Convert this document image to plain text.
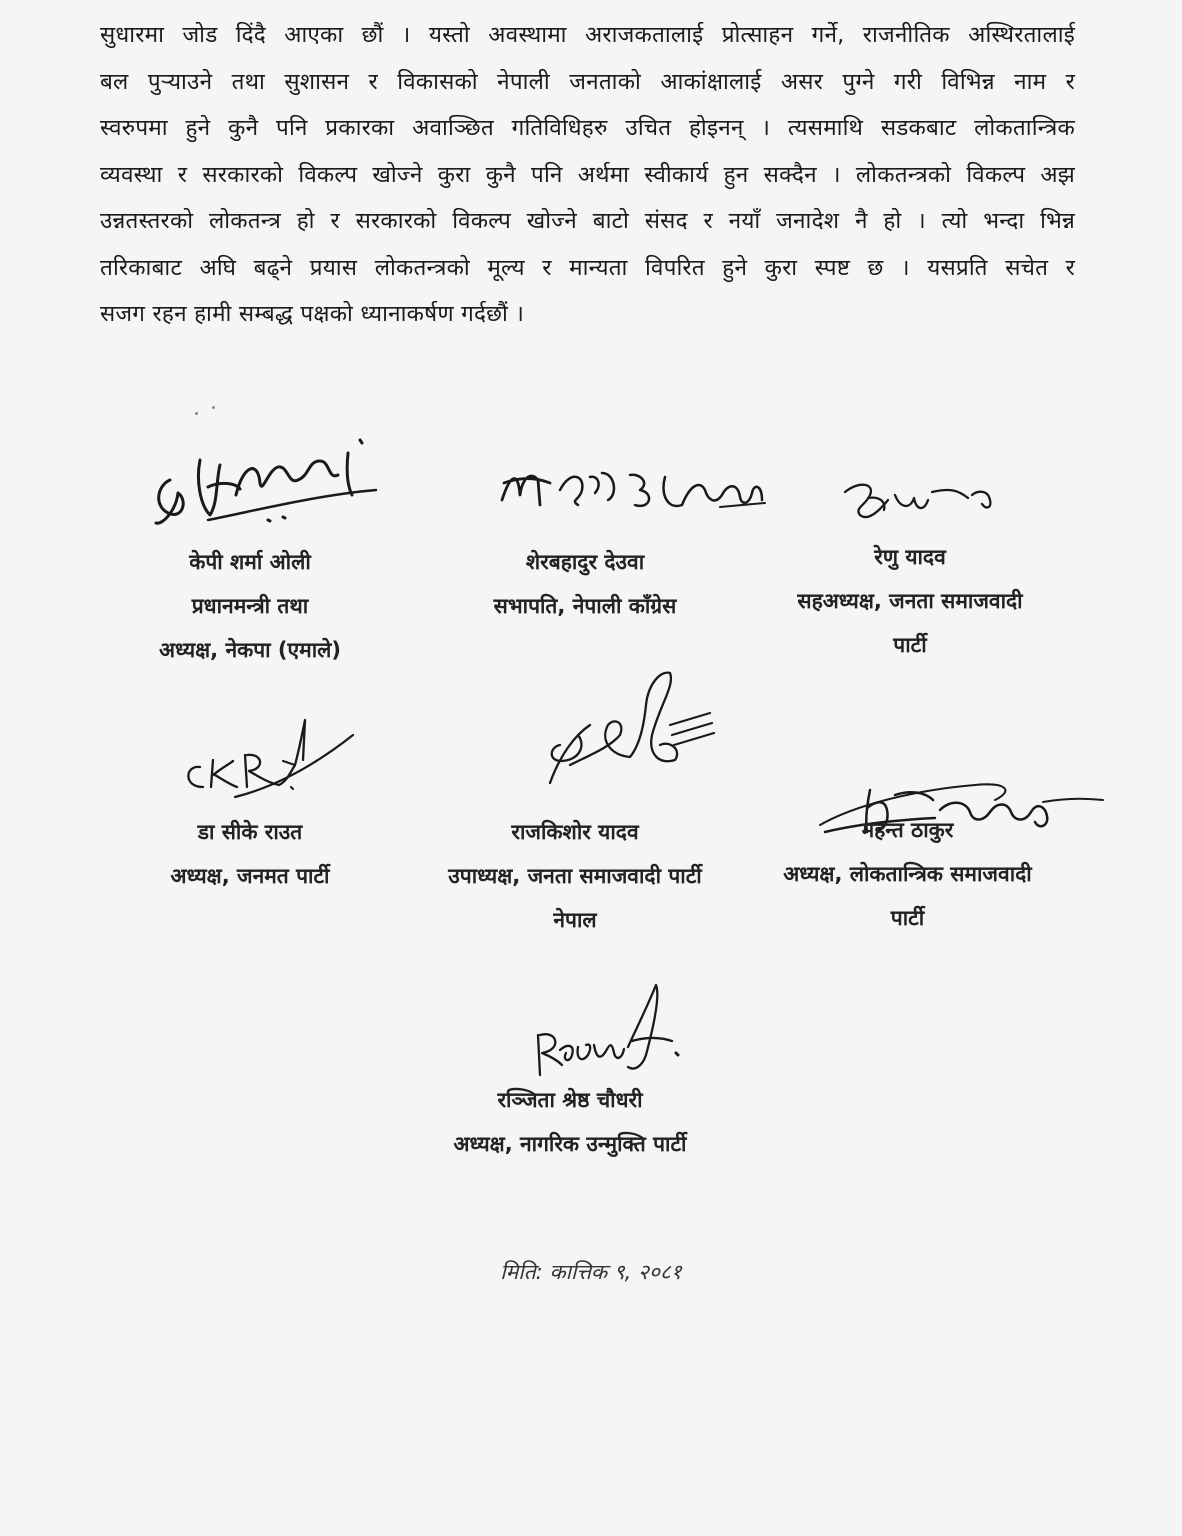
सुधारमा जोड दिंदै आएका छौं । यस्तो अवस्थामा अराजकतालाई प्रोत्साहन गर्ने, राजनीतिक अस्थिरतालाई
बल पुऱ्याउने तथा सुशासन र विकासको नेपाली जनताको आकांक्षालाई असर पुग्ने गरी विभिन्न नाम र
स्वरुपमा हुने कुनै पनि प्रकारका अवाञ्छित गतिविधिहरु उचित होइनन् । त्यसमाथि सडकबाट लोकतान्त्रिक
व्यवस्था र सरकारको विकल्प खोज्ने कुरा कुनै पनि अर्थमा स्वीकार्य हुन सक्दैन । लोकतन्त्रको विकल्प अझ
उन्नतस्तरको लोकतन्त्र हो र सरकारको विकल्प खोज्ने बाटो संसद र नयाँ जनादेश नै हो । त्यो भन्दा भिन्न
तरिकाबाट अघि बढ्ने प्रयास लोकतन्त्रको मूल्य र मान्यता विपरित हुने कुरा स्पष्ट छ । यसप्रति सचेत र
सजग रहन हामी सम्बद्ध पक्षको ध्यानाकर्षण गर्दछौं ।
केपी शर्मा ओली
प्रधानमन्त्री तथा
अध्यक्ष, नेकपा (एमाले)
शेरबहादुर देउवा
सभापति, नेपाली काँग्रेस
रेणु यादव
सहअध्यक्ष, जनता समाजवादी
पार्टी
डा सीके राउत
अध्यक्ष, जनमत पार्टी
राजकिशोर यादव
उपाध्यक्ष, जनता समाजवादी पार्टी
नेपाल
महन्त ठाकुर
अध्यक्ष, लोकतान्त्रिक समाजवादी
पार्टी
रञ्जिता श्रेष्ठ चौधरी
अध्यक्ष, नागरिक उन्मुक्ति पार्टी
मिति: कात्तिक ९, २०८१
